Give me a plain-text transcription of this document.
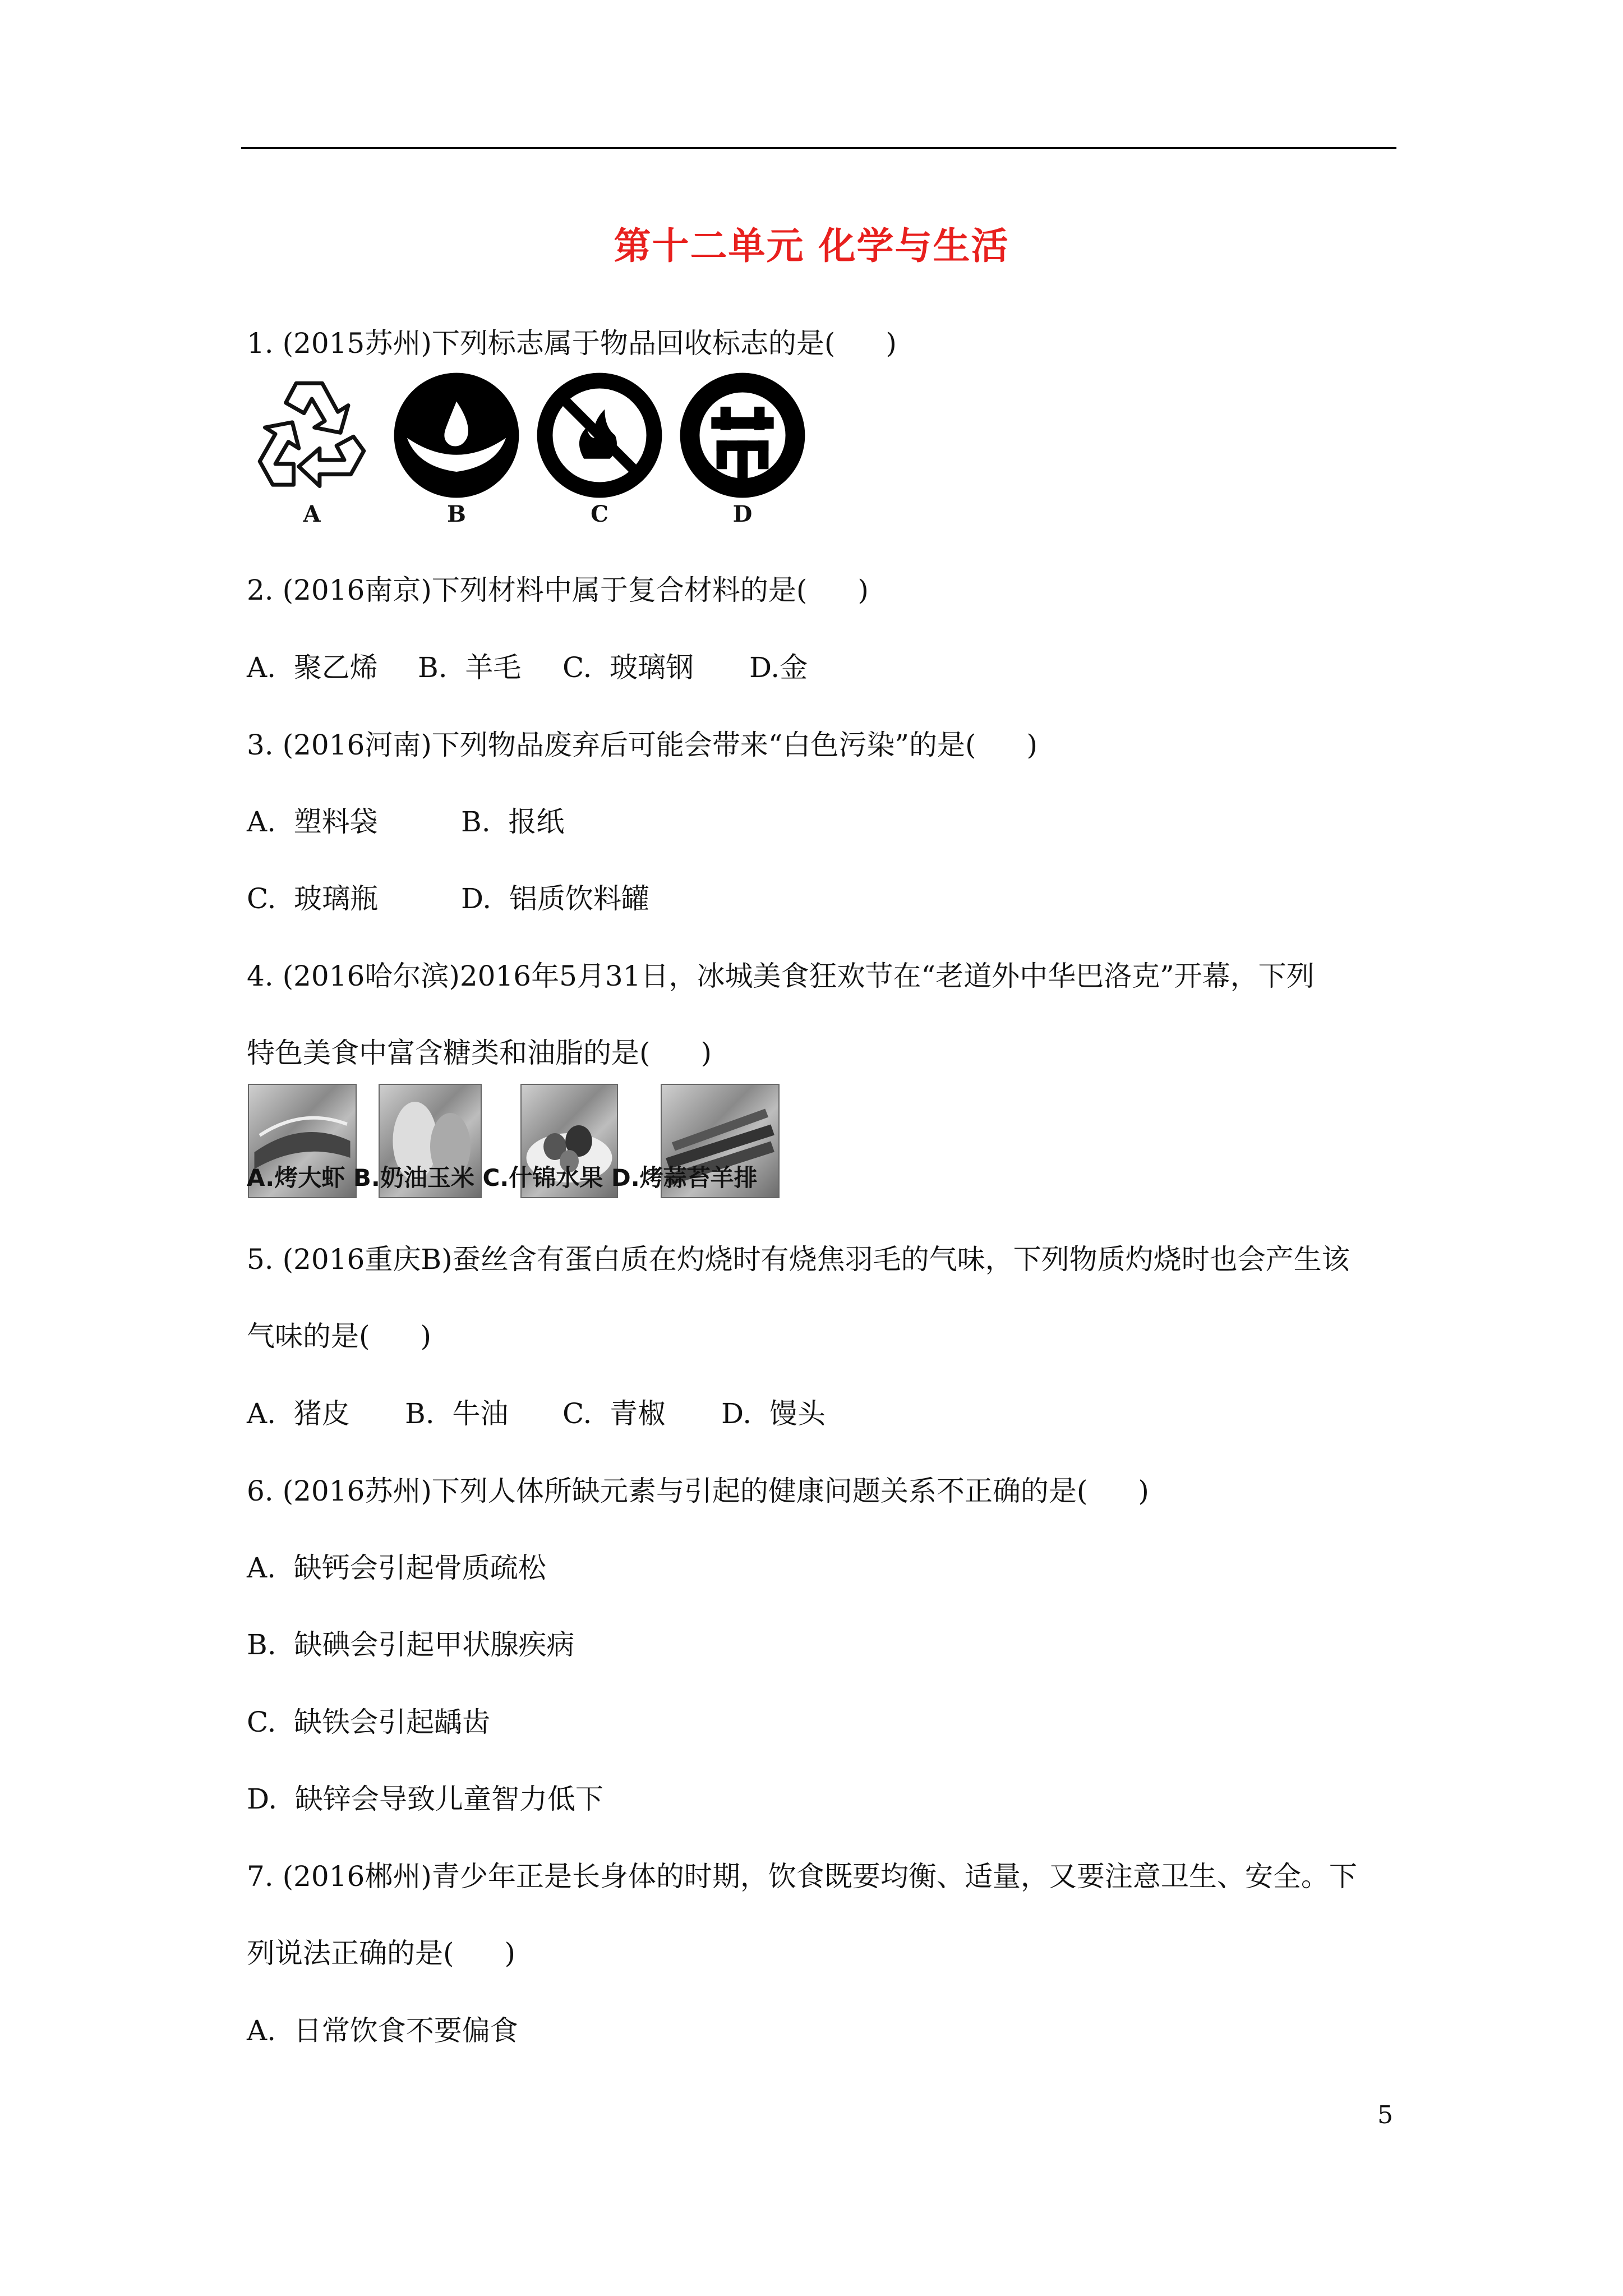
第十二单元 化学与生活
1. (2015苏州)下列标志属于物品回收标志的是( )
A	B	C	D
2. (2016南京)下列材料中属于复合材料的是( )
A.  聚乙烯 B.  羊毛 C.  玻璃钢 D.金
3. (2016河南)下列物品废弃后可能会带来“白色污染”的是( )
A.  塑料袋	B.  报纸
C.  玻璃瓶	D.  铝质饮料罐
4. (2016哈尔滨)2016年5月31日，冰城美食狂欢节在“老道外中华巴洛克”开幕，下列
特色美食中富含糖类和油脂的是( )
A.烤大虾 B.奶油玉米 C.什锦水果 D.烤蒜苔羊排
5. (2016重庆B)蚕丝含有蛋白质在灼烧时有烧焦羽毛的气味，下列物质灼烧时也会产生该
气味的是( )
A.  猪皮 B.  牛油 C.  青椒 D.  馒头
6. (2016苏州)下列人体所缺元素与引起的健康问题关系不正确的是( )
A.  缺钙会引起骨质疏松
B.  缺碘会引起甲状腺疾病
C.  缺铁会引起龋齿
D.  缺锌会导致儿童智力低下
7. (2016郴州)青少年正是长身体的时期，饮食既要均衡、适量，又要注意卫生、安全。下
列说法正确的是( )
A.  日常饮食不要偏食
5
